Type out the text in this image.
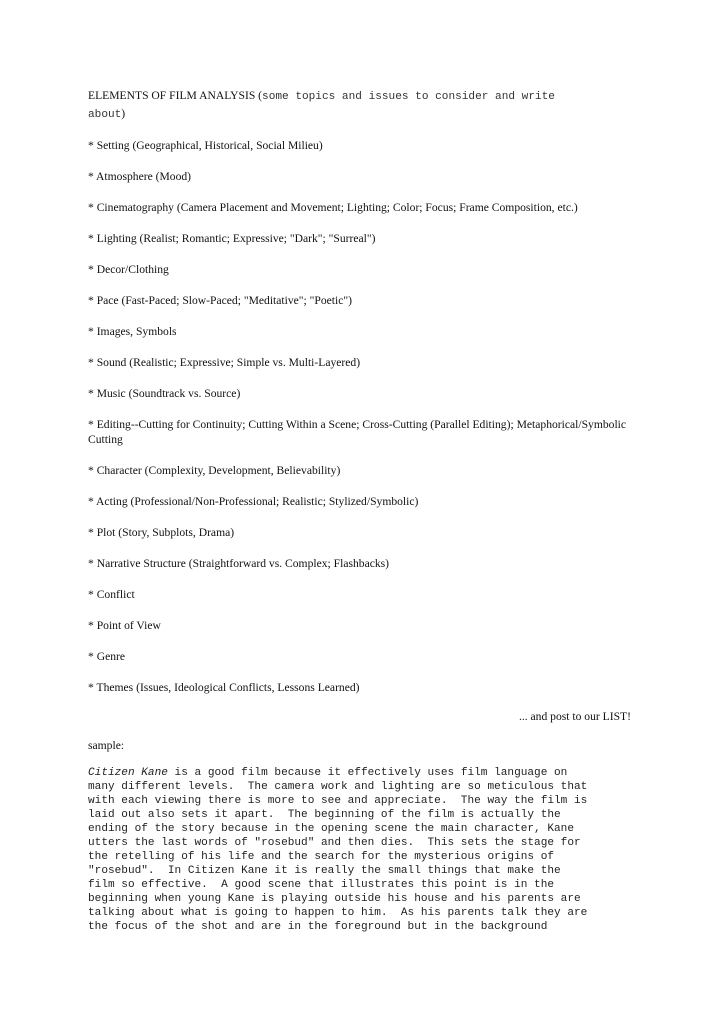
ELEMENTS OF FILM ANALYSIS (some topics and issues to consider and write
about)
* Setting (Geographical, Historical, Social Milieu)
* Atmosphere (Mood)
* Cinematography (Camera Placement and Movement; Lighting; Color; Focus; Frame Composition, etc.)
* Lighting (Realist; Romantic; Expressive; "Dark"; "Surreal")
* Decor/Clothing
* Pace (Fast-Paced; Slow-Paced; "Meditative"; "Poetic")
* Images, Symbols
* Sound (Realistic; Expressive; Simple vs. Multi-Layered)
* Music (Soundtrack vs. Source)
* Editing--Cutting for Continuity; Cutting Within a Scene; Cross-Cutting (Parallel Editing); Metaphorical/Symbolic Cutting
* Character (Complexity, Development, Believability)
* Acting (Professional/Non-Professional; Realistic; Stylized/Symbolic)
* Plot (Story, Subplots, Drama)
* Narrative Structure (Straightforward vs. Complex; Flashbacks)
* Conflict
* Point of View
* Genre
* Themes (Issues, Ideological Conflicts, Lessons Learned)
... and post to our LIST!
sample:

Citizen Kane is a good film because it effectively uses film language on
many different levels.  The camera work and lighting are so meticulous that
with each viewing there is more to see and appreciate.  The way the film is
laid out also sets it apart.  The beginning of the film is actually the
ending of the story because in the opening scene the main character, Kane
utters the last words of "rosebud" and then dies.  This sets the stage for
the retelling of his life and the search for the mysterious origins of
"rosebud".  In Citizen Kane it is really the small things that make the
film so effective.  A good scene that illustrates this point is in the
beginning when young Kane is playing outside his house and his parents are
talking about what is going to happen to him.  As his parents talk they are
the focus of the shot and are in the foreground but in the background
